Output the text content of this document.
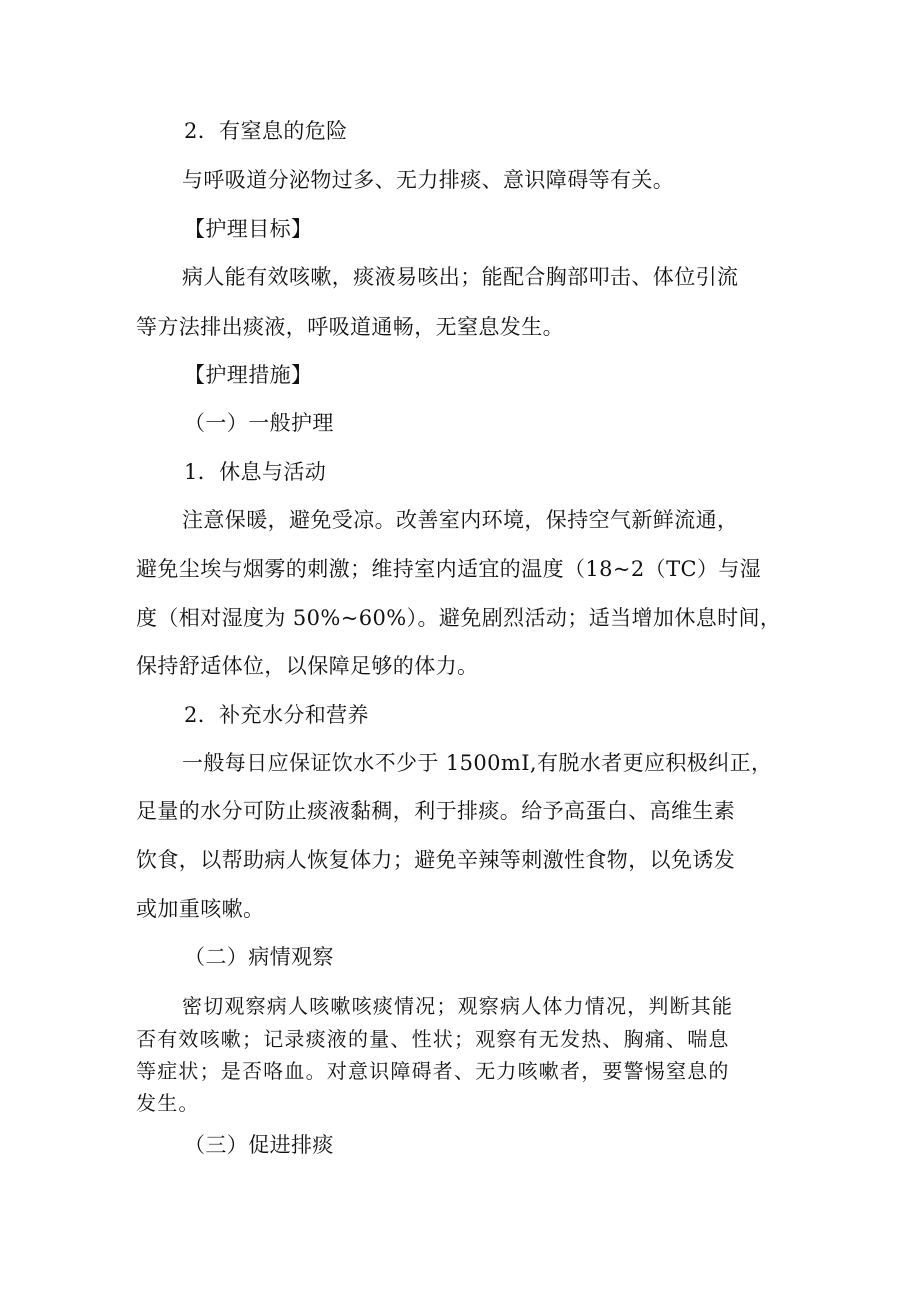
2．有窒息的危险
与呼吸道分泌物过多、无力排痰、意识障碍等有关。
【护理目标】
病人能有效咳嗽，痰液易咳出；能配合胸部叩击、体位引流
等方法排出痰液，呼吸道通畅，无窒息发生。
【护理措施】
（一）一般护理
1．休息与活动
注意保暖，避免受凉。改善室内环境，保持空气新鲜流通，
避免尘埃与烟雾的刺激；维持室内适宜的温度（18~2（TC）与湿
度（相对湿度为 50%~60%）。避免剧烈活动；适当增加休息时间，
保持舒适体位，以保障足够的体力。
2．补充水分和营养
一般每日应保证饮水不少于 1500mI,有脱水者更应积极纠正，
足量的水分可防止痰液黏稠，利于排痰。给予高蛋白、高维生素
饮食，以帮助病人恢复体力；避免辛辣等刺激性食物，以免诱发
或加重咳嗽。
（二）病情观察
密切观察病人咳嗽咳痰情况；观察病人体力情况，判断其能
否有效咳嗽；记录痰液的量、性状；观察有无发热、胸痛、喘息
等症状；是否咯血。对意识障碍者、无力咳嗽者，要警惕窒息的
发生。
（三）促进排痰
